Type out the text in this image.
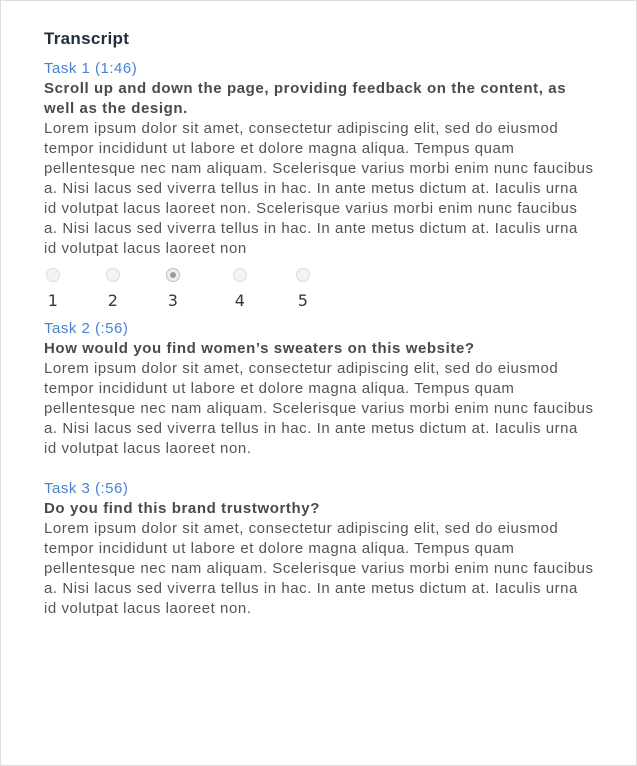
Transcript
Task 1 (1:46)
Scroll up and down the page, providing feedback on the content, as well as the design.
Lorem ipsum dolor sit amet, consectetur adipiscing elit, sed do eiusmod tempor incididunt ut labore et dolore magna aliqua. Tempus quam pellentesque nec nam aliquam. Scelerisque varius morbi enim nunc faucibus a. Nisi lacus sed viverra tellus in hac. In ante metus dictum at. Iaculis urna id volutpat lacus laoreet non. Scelerisque varius morbi enim nunc faucibus a. Nisi lacus sed viverra tellus in hac. In ante metus dictum at. Iaculis urna id volutpat lacus laoreet non
1	2	3	4	5
Task 2 (:56)
How would you find women’s sweaters on this website?
Lorem ipsum dolor sit amet, consectetur adipiscing elit, sed do eiusmod tempor incididunt ut labore et dolore magna aliqua. Tempus quam pellentesque nec nam aliquam. Scelerisque varius morbi enim nunc faucibus a. Nisi lacus sed viverra tellus in hac. In ante metus dictum at. Iaculis urna id volutpat lacus laoreet non.
Task 3 (:56)
Do you find this brand trustworthy?
Lorem ipsum dolor sit amet, consectetur adipiscing elit, sed do eiusmod tempor incididunt ut labore et dolore magna aliqua. Tempus quam pellentesque nec nam aliquam. Scelerisque varius morbi enim nunc faucibus a. Nisi lacus sed viverra tellus in hac. In ante metus dictum at. Iaculis urna id volutpat lacus laoreet non.
